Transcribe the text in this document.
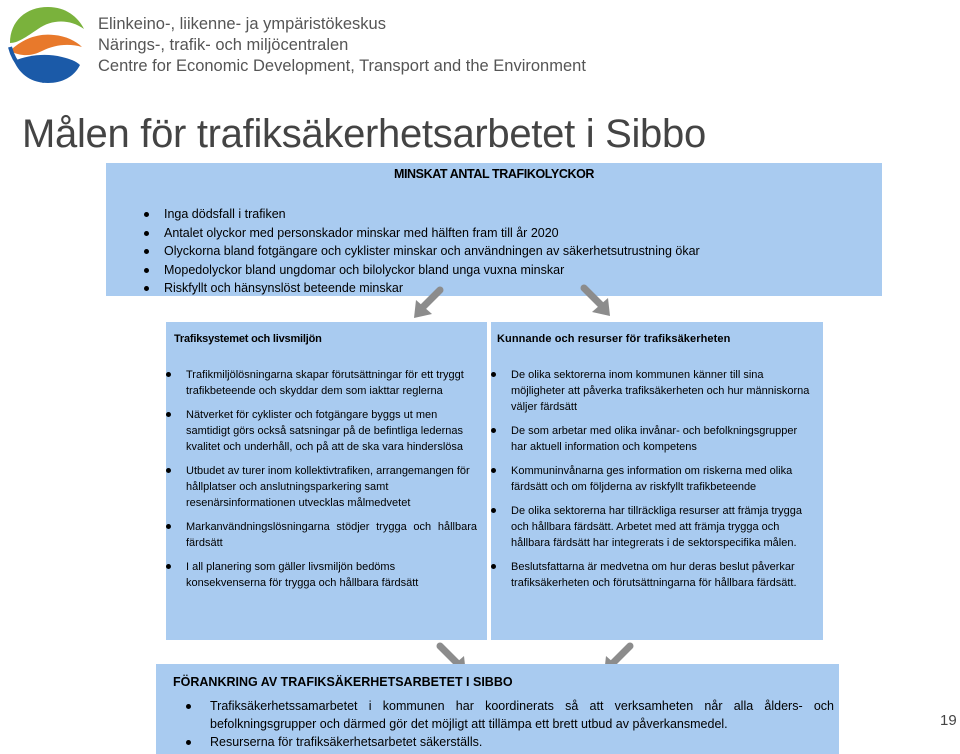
Elinkeino-, liikenne- ja ympäristökeskus
Närings-, trafik- och miljöcentralen
Centre for Economic Development, Transport and the Environment
Målen för trafiksäkerhetsarbetet i Sibbo
MINSKAT ANTAL TRAFIKOLYCKOR
Inga dödsfall i trafiken
Antalet olyckor med personskador minskar med hälften fram till år 2020
Olyckorna bland fotgängare och cyklister minskar och användningen av säkerhetsutrustning ökar
Mopedolyckor bland ungdomar och bilolyckor bland unga vuxna minskar
Riskfyllt och hänsynslöst beteende minskar
Trafiksystemet och livsmiljön
Trafikmiljölösningarna skapar förutsättningar för ett tryggt trafikbeteende och skyddar dem som iakttar reglerna
Nätverket för cyklister och fotgängare byggs ut men samtidigt görs också satsningar på de befintliga ledernas kvalitet och underhåll, och på att de ska vara hinderslösa
Utbudet av turer inom kollektivtrafiken, arrangemangen för hållplatser och anslutningsparkering samt resenärsinformationen utvecklas målmedvetet
Markanvändningslösningarna stödjer trygga och hållbara färdsätt
I all planering som gäller livsmiljön bedöms konsekvenserna för trygga och hållbara färdsätt
Kunnande och resurser för trafiksäkerheten
De olika sektorerna inom kommunen känner till sina möjligheter att påverka trafiksäkerheten och hur människorna väljer färdsätt
De som arbetar med olika invånar- och befolkningsgrupper har aktuell information och kompetens
Kommuninvånarna ges information om riskerna med olika färdsätt och om följderna av riskfyllt trafikbeteende
De olika sektorerna har tillräckliga resurser att främja trygga och hållbara färdsätt. Arbetet med att främja trygga och hållbara färdsätt har integrerats i de sektorspecifika målen.
Beslutsfattarna är medvetna om hur deras beslut påverkar trafiksäkerheten och förutsättningarna för hållbara färdsätt.
FÖRANKRING AV TRAFIKSÄKERHETSARBETET I SIBBO
Trafiksäkerhetssamarbetet i kommunen har koordinerats så att verksamheten når alla ålders- och befolkningsgrupper och därmed gör det möjligt att tillämpa ett brett utbud av påverkansmedel.
Resurserna för trafiksäkerhetsarbetet säkerställs.
19
